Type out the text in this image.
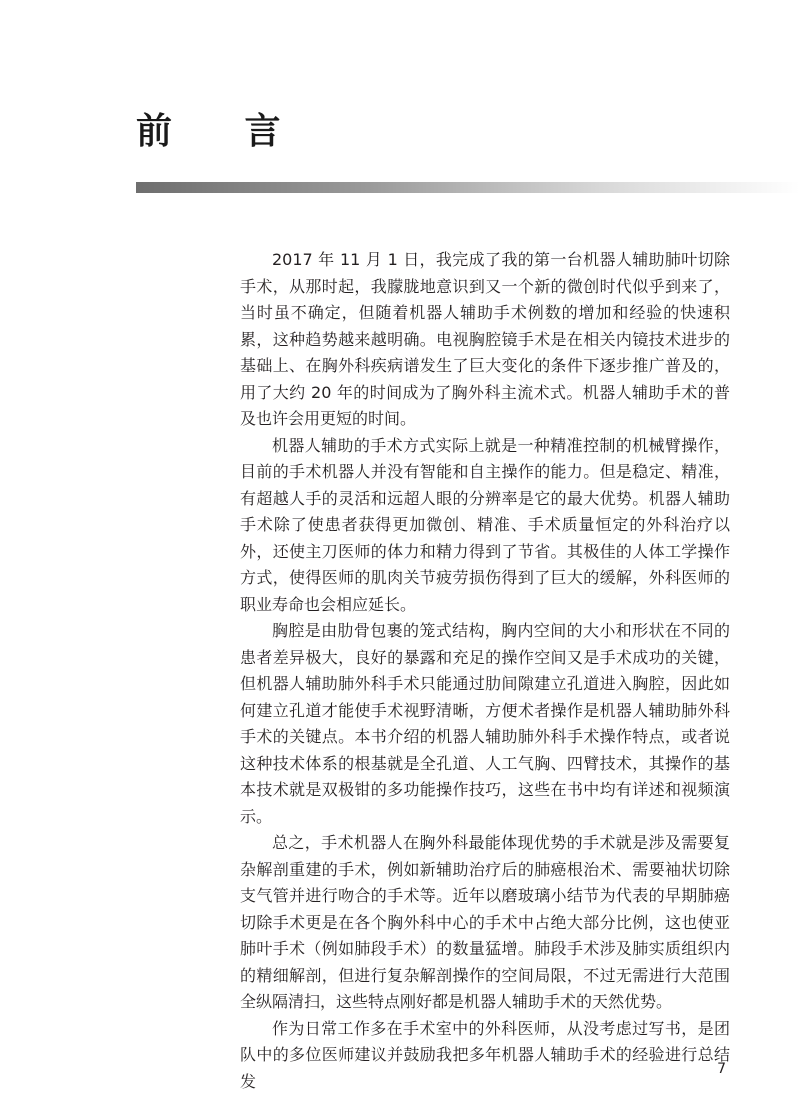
前 言

2017 年 11 月 1 日，我完成了我的第一台机器人辅助肺叶切除手术，从那时起，我朦胧地意识到又一个新的微创时代似乎到来了，当时虽不确定，但随着机器人辅助手术例数的增加和经验的快速积累，这种趋势越来越明确。电视胸腔镜手术是在相关内镜技术进步的基础上、在胸外科疾病谱发生了巨大变化的条件下逐步推广普及的，用了大约 20 年的时间成为了胸外科主流术式。机器人辅助手术的普及也许会用更短的时间。

机器人辅助的手术方式实际上就是一种精准控制的机械臂操作，目前的手术机器人并没有智能和自主操作的能力。但是稳定、精准，有超越人手的灵活和远超人眼的分辨率是它的最大优势。机器人辅助手术除了使患者获得更加微创、精准、手术质量恒定的外科治疗以外，还使主刀医师的体力和精力得到了节省。其极佳的人体工学操作方式，使得医师的肌肉关节疲劳损伤得到了巨大的缓解，外科医师的职业寿命也会相应延长。

胸腔是由肋骨包裹的笼式结构，胸内空间的大小和形状在不同的患者差异极大，良好的暴露和充足的操作空间又是手术成功的关键，但机器人辅助肺外科手术只能通过肋间隙建立孔道进入胸腔，因此如何建立孔道才能使手术视野清晰，方便术者操作是机器人辅助肺外科手术的关键点。本书介绍的机器人辅助肺外科手术操作特点，或者说这种技术体系的根基就是全孔道、人工气胸、四臂技术，其操作的基本技术就是双极钳的多功能操作技巧，这些在书中均有详述和视频演示。

总之，手术机器人在胸外科最能体现优势的手术就是涉及需要复杂解剖重建的手术，例如新辅助治疗后的肺癌根治术、需要袖状切除支气管并进行吻合的手术等。近年以磨玻璃小结节为代表的早期肺癌切除手术更是在各个胸外科中心的手术中占绝大部分比例，这也使亚肺叶手术（例如肺段手术）的数量猛增。肺段手术涉及肺实质组织内的精细解剖，但进行复杂解剖操作的空间局限，不过无需进行大范围全纵隔清扫，这些特点刚好都是机器人辅助手术的天然优势。

作为日常工作多在手术室中的外科医师，从没考虑过写书，是团队中的多位医师建议并鼓励我把多年机器人辅助手术的经验进行总结发

7
